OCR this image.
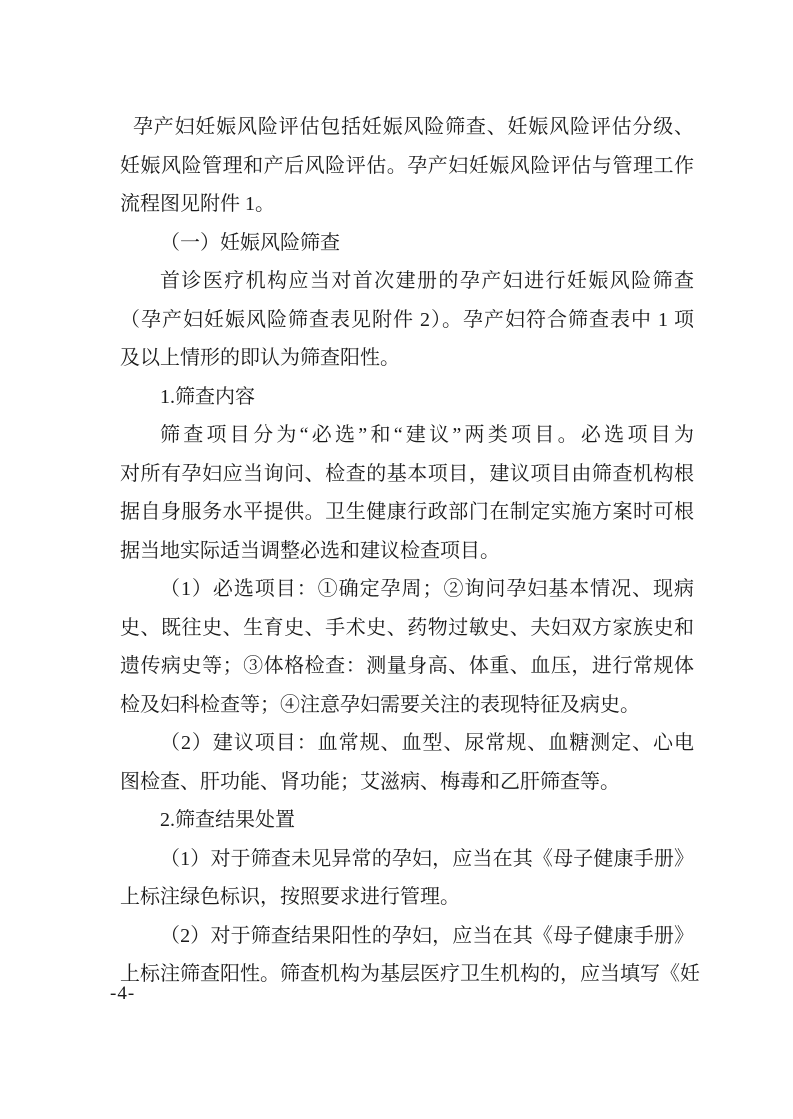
孕产妇妊娠风险评估包括妊娠风险筛查、妊娠风险评估分级、
妊娠风险管理和产后风险评估。孕产妇妊娠风险评估与管理工作
流程图见附件 1。
（一）妊娠风险筛查
首诊医疗机构应当对首次建册的孕产妇进行妊娠风险筛查
（孕产妇妊娠风险筛查表见附件 2）。孕产妇符合筛查表中 1 项
及以上情形的即认为筛查阳性。
1.筛查内容
筛查项目分为“必选”和“建议”两类项目。必选项目为
对所有孕妇应当询问、检查的基本项目，建议项目由筛查机构根
据自身服务水平提供。卫生健康行政部门在制定实施方案时可根
据当地实际适当调整必选和建议检查项目。
（1）必选项目：①确定孕周；②询问孕妇基本情况、现病
史、既往史、生育史、手术史、药物过敏史、夫妇双方家族史和
遗传病史等；③体格检查：测量身高、体重、血压，进行常规体
检及妇科检查等；④注意孕妇需要关注的表现特征及病史。
（2）建议项目：血常规、血型、尿常规、血糖测定、心电
图检查、肝功能、肾功能；艾滋病、梅毒和乙肝筛查等。
2.筛查结果处置
（1）对于筛查未见异常的孕妇，应当在其《母子健康手册》
上标注绿色标识，按照要求进行管理。
（2）对于筛查结果阳性的孕妇，应当在其《母子健康手册》
上标注筛查阳性。筛查机构为基层医疗卫生机构的，应当填写《妊
-4-
